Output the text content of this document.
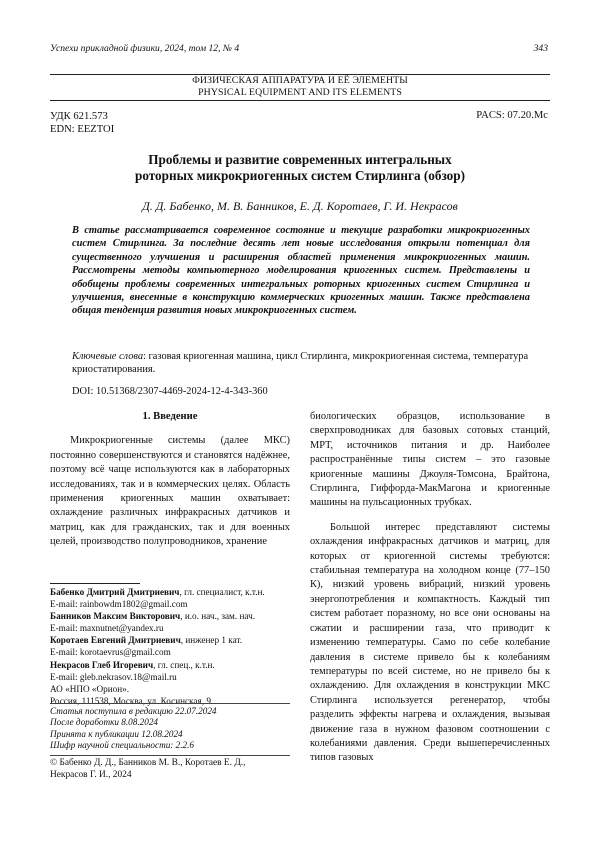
Успехи прикладной физики, 2024, том 12, № 4	343
ФИЗИЧЕСКАЯ АППАРАТУРА И ЕЁ ЭЛЕМЕНТЫ
PHYSICAL EQUIPMENT AND ITS ELEMENTS
УДК 621.573
EDN: EEZTOI
PACS: 07.20.Mc
Проблемы и развитие современных интегральных
роторных микрокриогенных систем Стирлинга (обзор)
Д. Д. Бабенко, М. В. Банников, Е. Д. Коротаев, Г. И. Некрасов
В статье рассматривается современное состояние и текущие разработки микрокриогенных систем Стирлинга. За последние десять лет новые исследования открыли потенциал для существенного улучшения и расширения областей применения микрокриогенных машин. Рассмотрены методы компьютерного моделирования криогенных систем. Представлены и обобщены проблемы современных интегральных роторных криогенных систем Стирлинга и улучшения, внесенные в конструкцию коммерческих криогенных машин. Также представлена общая тенденция развития новых микрокриогенных систем.
Ключевые слова: газовая криогенная машина, цикл Стирлинга, микрокриогенная система, температура криостатирования.
DOI: 10.51368/2307-4469-2024-12-4-343-360
1. Введение

Микрокриогенные системы (далее МКС) постоянно совершенствуются и становятся надёжнее, поэтому всё чаще используются как в лабораторных исследованиях, так и в коммерческих целях. Область применения криогенных машин охватывает: охлаждение различных инфракрасных датчиков и матриц, как для гражданских, так и для военных целей, производство полупроводников, хранение

биологических образцов, использование в сверхпроводниках для базовых сотовых станций, МРТ, источников питания и др. Наиболее распространённые типы систем – это газовые криогенные машины Джоуля-Томсона, Брайтона, Стирлинга, Гиффорда-МакМагона и криогенные машины на пульсационных трубках.

Большой интерес представляют системы охлаждения инфракрасных датчиков и матриц, для которых от криогенной системы требуются: стабильная температура на холодном конце (77–150 К), низкий уровень вибраций, низкий уровень энергопотребления и компактность. Каждый тип систем работает поразному, но все они основаны на сжатии и расширении газа, что приводит к изменению температуры. Само по себе колебание давления в системе привело бы к колебаниям температуры по всей системе, но не привело бы к охлаждению. Для охлаждения в конструкции МКС Стирлинга используется регенератор, чтобы разделить эффекты нагрева и охлаждения, вызывая движение газа в нужном фазовом соотношении с колебаниями давления. Среди вышеперечисленных типов газовых

Бабенко Дмитрий Дмитриевич, гл. специалист, к.т.н.
E-mail: rainbowdm1802@gmail.com
Банников Максим Викторович, и.о. нач., зам. нач.
E-mail: maxnutnet@yandex.ru
Коротаев Евгений Дмитриевич, инженер 1 кат.
E-mail: korotaevrus@gmail.com
Некрасов Глеб Игоревич, гл. спец., к.т.н.
E-mail: gleb.nekrasov.18@mail.ru
АО «НПО «Орион».
Россия, 111538, Москва, ул. Косинская, 9.
Статья поступила в редакцию 22.07.2024
После доработки 8.08.2024
Принята к публикации 12.08.2024
Шифр научной специальности: 2.2.6
© Бабенко Д. Д., Банников М. В., Коротаев Е. Д.,
Некрасов Г. И., 2024
